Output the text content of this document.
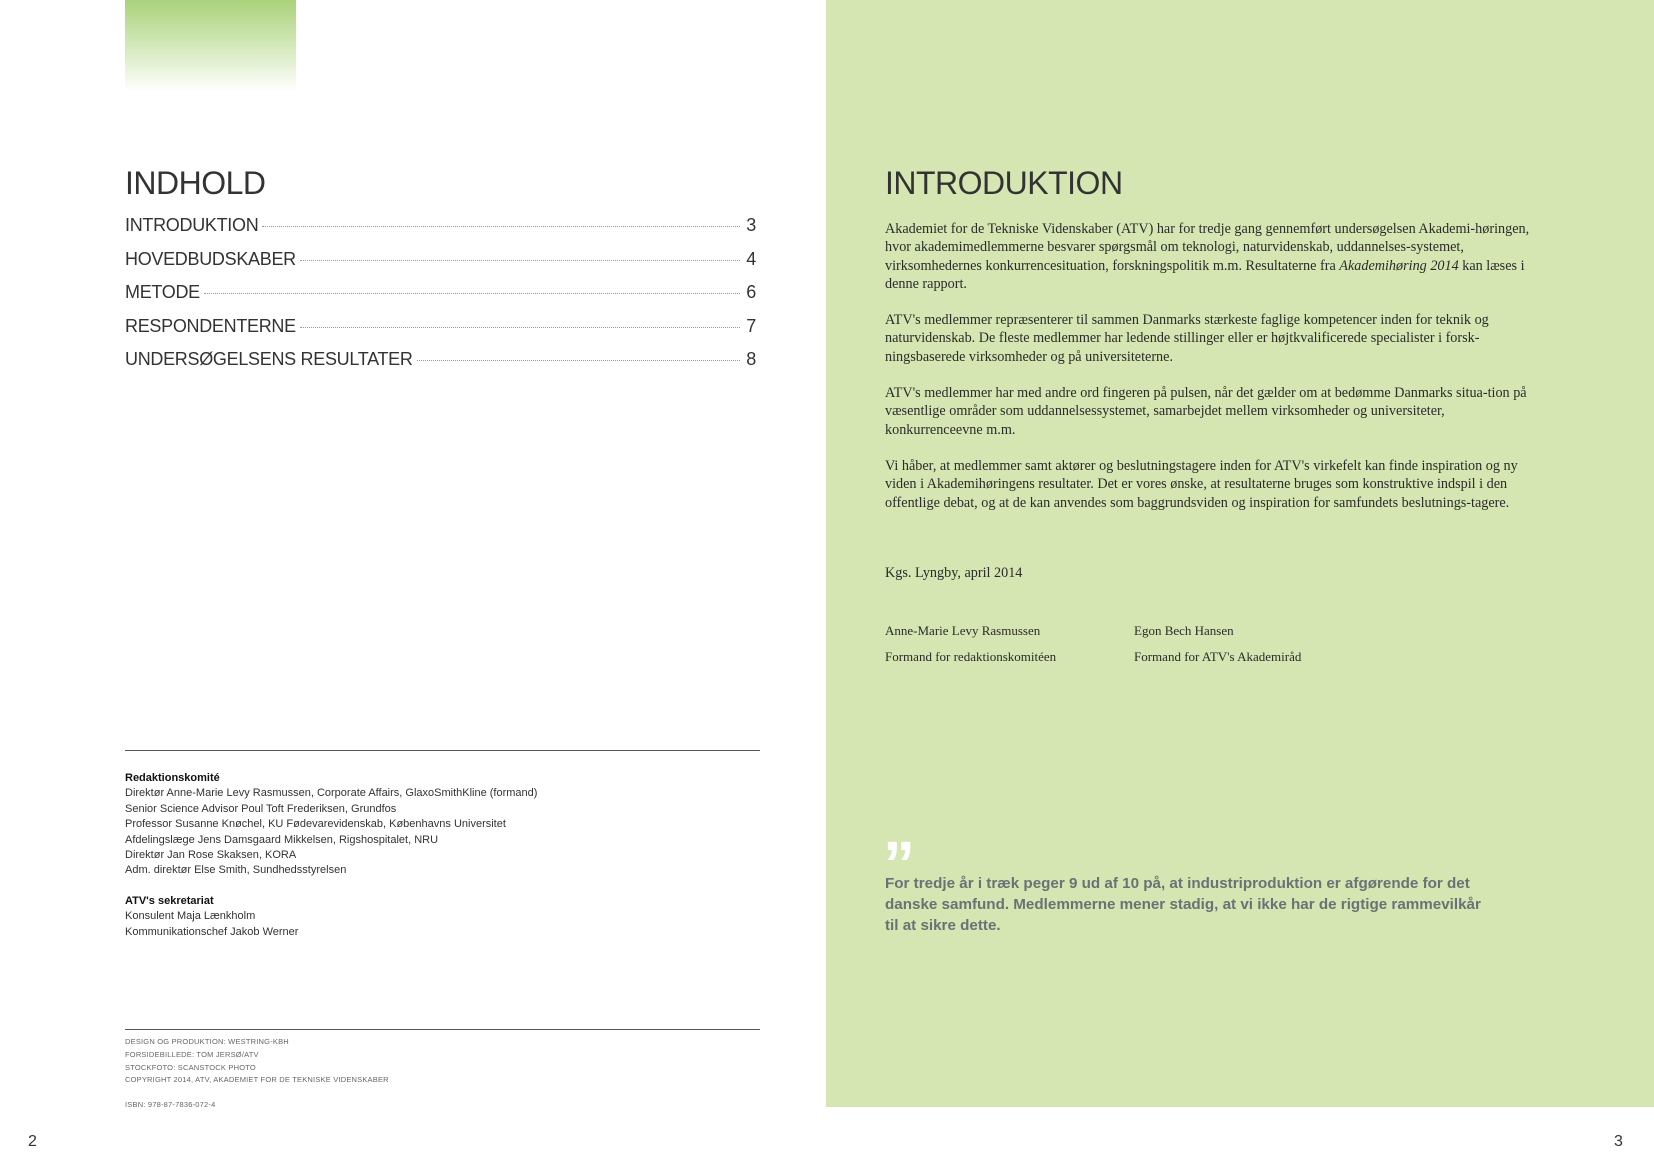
INDHOLD
INTRODUKTION	3
HOVEDBUDSKABER	4
METODE	6
RESPONDENTERNE	7
UNDERSØGELSENS RESULTATER	8
Redaktionskomité
Direktør Anne-Marie Levy Rasmussen, Corporate Affairs, GlaxoSmithKline (formand)
Senior Science Advisor Poul Toft Frederiksen, Grundfos
Professor Susanne Knøchel, KU Fødevarevidenskab, Københavns Universitet
Afdelingslæge Jens Damsgaard Mikkelsen, Rigshospitalet, NRU
Direktør Jan Rose Skaksen, KORA
Adm. direktør Else Smith, Sundhedsstyrelsen
ATV's sekretariat
Konsulent Maja Lænkholm
Kommunikationschef Jakob Werner
DESIGN OG PRODUKTION: WESTRING-KBH
FORSIDEBILLEDE: TOM JERSØ/ATV
STOCKFOTO: SCANSTOCK PHOTO
COPYRIGHT 2014, ATV, AKADEMIET FOR DE TEKNISKE VIDENSKABER
ISBN: 978-87-7836-072-4
2
INTRODUKTION

Akademiet for de Tekniske Videnskaber (ATV) har for tredje gang gennemført undersøgelsen Akademi-høringen, hvor akademimedlemmerne besvarer spørgsmål om teknologi, naturvidenskab, uddannelses-systemet, virksomhedernes konkurrencesituation, forskningspolitik m.m. Resultaterne fra Akademihøring 2014 kan læses i denne rapport.

ATV's medlemmer repræsenterer til sammen Danmarks stærkeste faglige kompetencer inden for teknik og naturvidenskab. De fleste medlemmer har ledende stillinger eller er højtkvalificerede specialister i forsk-ningsbaserede virksomheder og på universiteterne.

ATV's medlemmer har med andre ord fingeren på pulsen, når det gælder om at bedømme Danmarks situa-tion på væsentlige områder som uddannelsessystemet, samarbejdet mellem virksomheder og universiteter, konkurrenceevne m.m.

Vi håber, at medlemmer samt aktører og beslutningstagere inden for ATV's virkefelt kan finde inspiration og ny viden i Akademihøringens resultater. Det er vores ønske, at resultaterne bruges som konstruktive indspil i den offentlige debat, og at de kan anvendes som baggrundsviden og inspiration for samfundets beslutnings-tagere.

Kgs. Lyngby, april 2014
Anne-Marie Levy Rasmussen
Formand for redaktionskomitéen
Egon Bech Hansen
Formand for ATV's Akademiråd
”
For tredje år i træk peger 9 ud af 10 på, at industriproduktion er afgørende for det danske samfund. Medlemmerne mener stadig, at vi ikke har de rigtige rammevilkår til at sikre dette.
3
